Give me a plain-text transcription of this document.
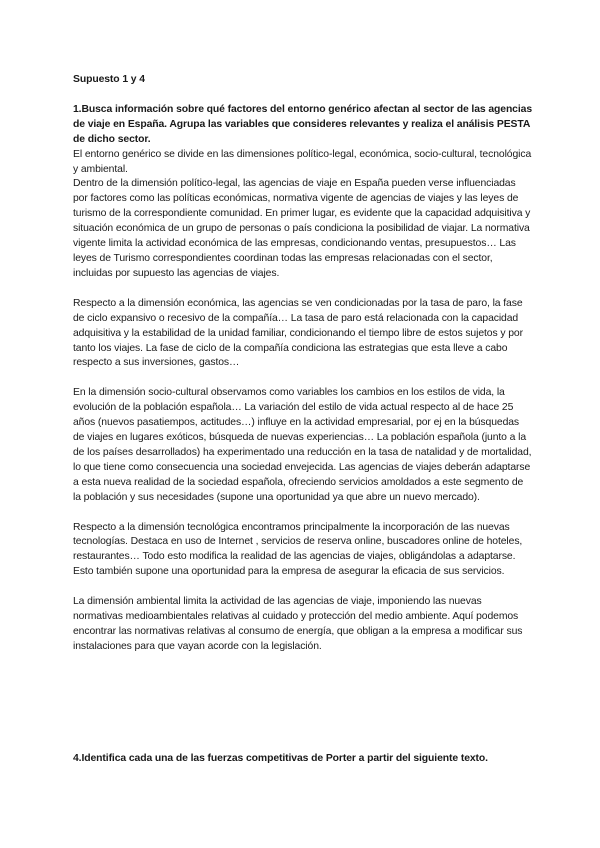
Supuesto 1 y 4

1.Busca información sobre qué factores del entorno genérico afectan al sector de las agencias de viaje en España. Agrupa las variables que consideres relevantes y realiza el análisis PESTA de dicho sector.

El entorno genérico se divide en las dimensiones político-legal, económica, socio-cultural, tecnológica y ambiental.

Dentro de la dimensión político-legal, las agencias de viaje en España pueden verse influenciadas por factores como las políticas económicas, normativa vigente de agencias de viajes y las leyes de turismo de la correspondiente comunidad. En primer lugar, es evidente que la capacidad adquisitiva y situación económica de un grupo de personas o país condiciona la posibilidad de viajar. La normativa vigente limita la actividad económica de las empresas, condicionando ventas, presupuestos… Las leyes de Turismo correspondientes coordinan todas las empresas relacionadas con el sector, incluidas por supuesto las agencias de viajes.

Respecto a la dimensión económica, las agencias se ven condicionadas por la tasa de paro, la fase de ciclo expansivo o recesivo de la compañía… La tasa de paro está relacionada con la capacidad adquisitiva y la estabilidad de la unidad familiar, condicionando el tiempo libre de estos sujetos y por tanto los viajes. La fase de ciclo de la compañía condiciona las estrategias que esta lleve a cabo respecto a sus inversiones, gastos…

En la dimensión socio-cultural observamos como variables los cambios en los estilos de vida, la evolución de la población española… La variación del estilo de vida actual respecto al de hace 25 años (nuevos pasatiempos, actitudes…) influye en la actividad empresarial, por ej en la búsquedas de viajes en lugares exóticos, búsqueda de nuevas experiencias… La población española (junto a la de los países desarrollados) ha experimentado una reducción en la tasa de natalidad y de mortalidad, lo que tiene como consecuencia una sociedad envejecida. Las agencias de viajes deberán adaptarse a esta nueva realidad de la sociedad española, ofreciendo servicios amoldados a este segmento de la población y sus necesidades (supone una oportunidad ya que abre un nuevo mercado).

Respecto a la dimensión tecnológica encontramos principalmente la incorporación de las nuevas tecnologías. Destaca en uso de Internet , servicios de reserva online, buscadores online de hoteles, restaurantes… Todo esto modifica la realidad de las agencias de viajes, obligándolas a adaptarse. Esto también supone una oportunidad para la empresa de asegurar la eficacia de sus servicios.

La dimensión ambiental limita la actividad de las agencias de viaje, imponiendo las nuevas normativas medioambientales relativas al cuidado y protección del medio ambiente. Aquí podemos encontrar las normativas relativas al consumo de energía, que obligan a la empresa a modificar sus instalaciones para que vayan acorde con la legislación.

4.Identifica cada una de las fuerzas competitivas de Porter a partir del siguiente texto.
